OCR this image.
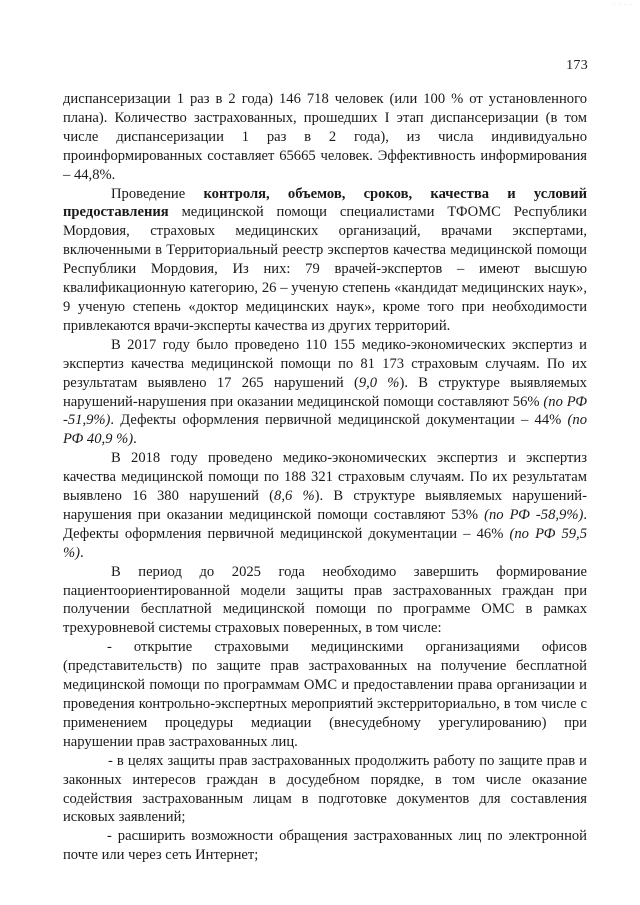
· · · ·
173

диспансеризации 1 раз в 2 года) 146 718 человек (или 100 % от установленного плана). Количество застрахованных, прошедших I этап диспансеризации (в том числе диспансеризации 1 раз в 2 года), из числа индивидуально проинформированных составляет 65665 человек. Эффективность информирования – 44,8%.

Проведение контроля, объемов, сроков, качества и условий предоставления медицинской помощи специалистами ТФОМС Республики Мордовия, страховых медицинских организаций, врачами экспертами, включенными в Территориальный реестр экспертов качества медицинской помощи Республики Мордовия, Из них: 79 врачей-экспертов – имеют высшую квалификационную категорию, 26 – ученую степень «кандидат медицинских наук», 9 ученую степень «доктор медицинских наук», кроме того при необходимости привлекаются врачи-эксперты качества из других территорий.

В 2017 году было проведено 110 155 медико-экономических экспертиз и экспертиз качества медицинской помощи по 81 173 страховым случаям. По их результатам выявлено 17 265 нарушений (9,0 %). В структуре выявляемых нарушений-нарушения при оказании медицинской помощи составляют 56% (по РФ -51,9%). Дефекты оформления первичной медицинской документации – 44% (по РФ 40,9 %).

В 2018 году проведено медико-экономических экспертиз и экспертиз качества медицинской помощи по 188 321 страховым случаям. По их результатам выявлено 16 380 нарушений (8,6 %). В структуре выявляемых нарушений-нарушения при оказании медицинской помощи составляют 53% (по РФ -58,9%). Дефекты оформления первичной медицинской документации – 46% (по РФ 59,5 %).

В период до 2025 года необходимо завершить формирование пациентоориентированной модели защиты прав застрахованных граждан при получении бесплатной медицинской помощи по программе ОМС в рамках трехуровневой системы страховых поверенных, в том числе:

- открытие страховыми медицинскими организациями офисов (представительств) по защите прав застрахованных на получение бесплатной медицинской помощи по программам ОМС и предоставлении права организации и проведения контрольно-экспертных мероприятий экстерриториально, в том числе с применением процедуры медиации (внесудебному урегулированию) при нарушении прав застрахованных лиц.

- в целях защиты прав застрахованных продолжить работу по защите прав и законных интересов граждан в досудебном порядке, в том числе оказание содействия застрахованным лицам в подготовке документов для составления исковых заявлений;

- расширить возможности обращения застрахованных лиц по электронной почте или через сеть Интернет;
